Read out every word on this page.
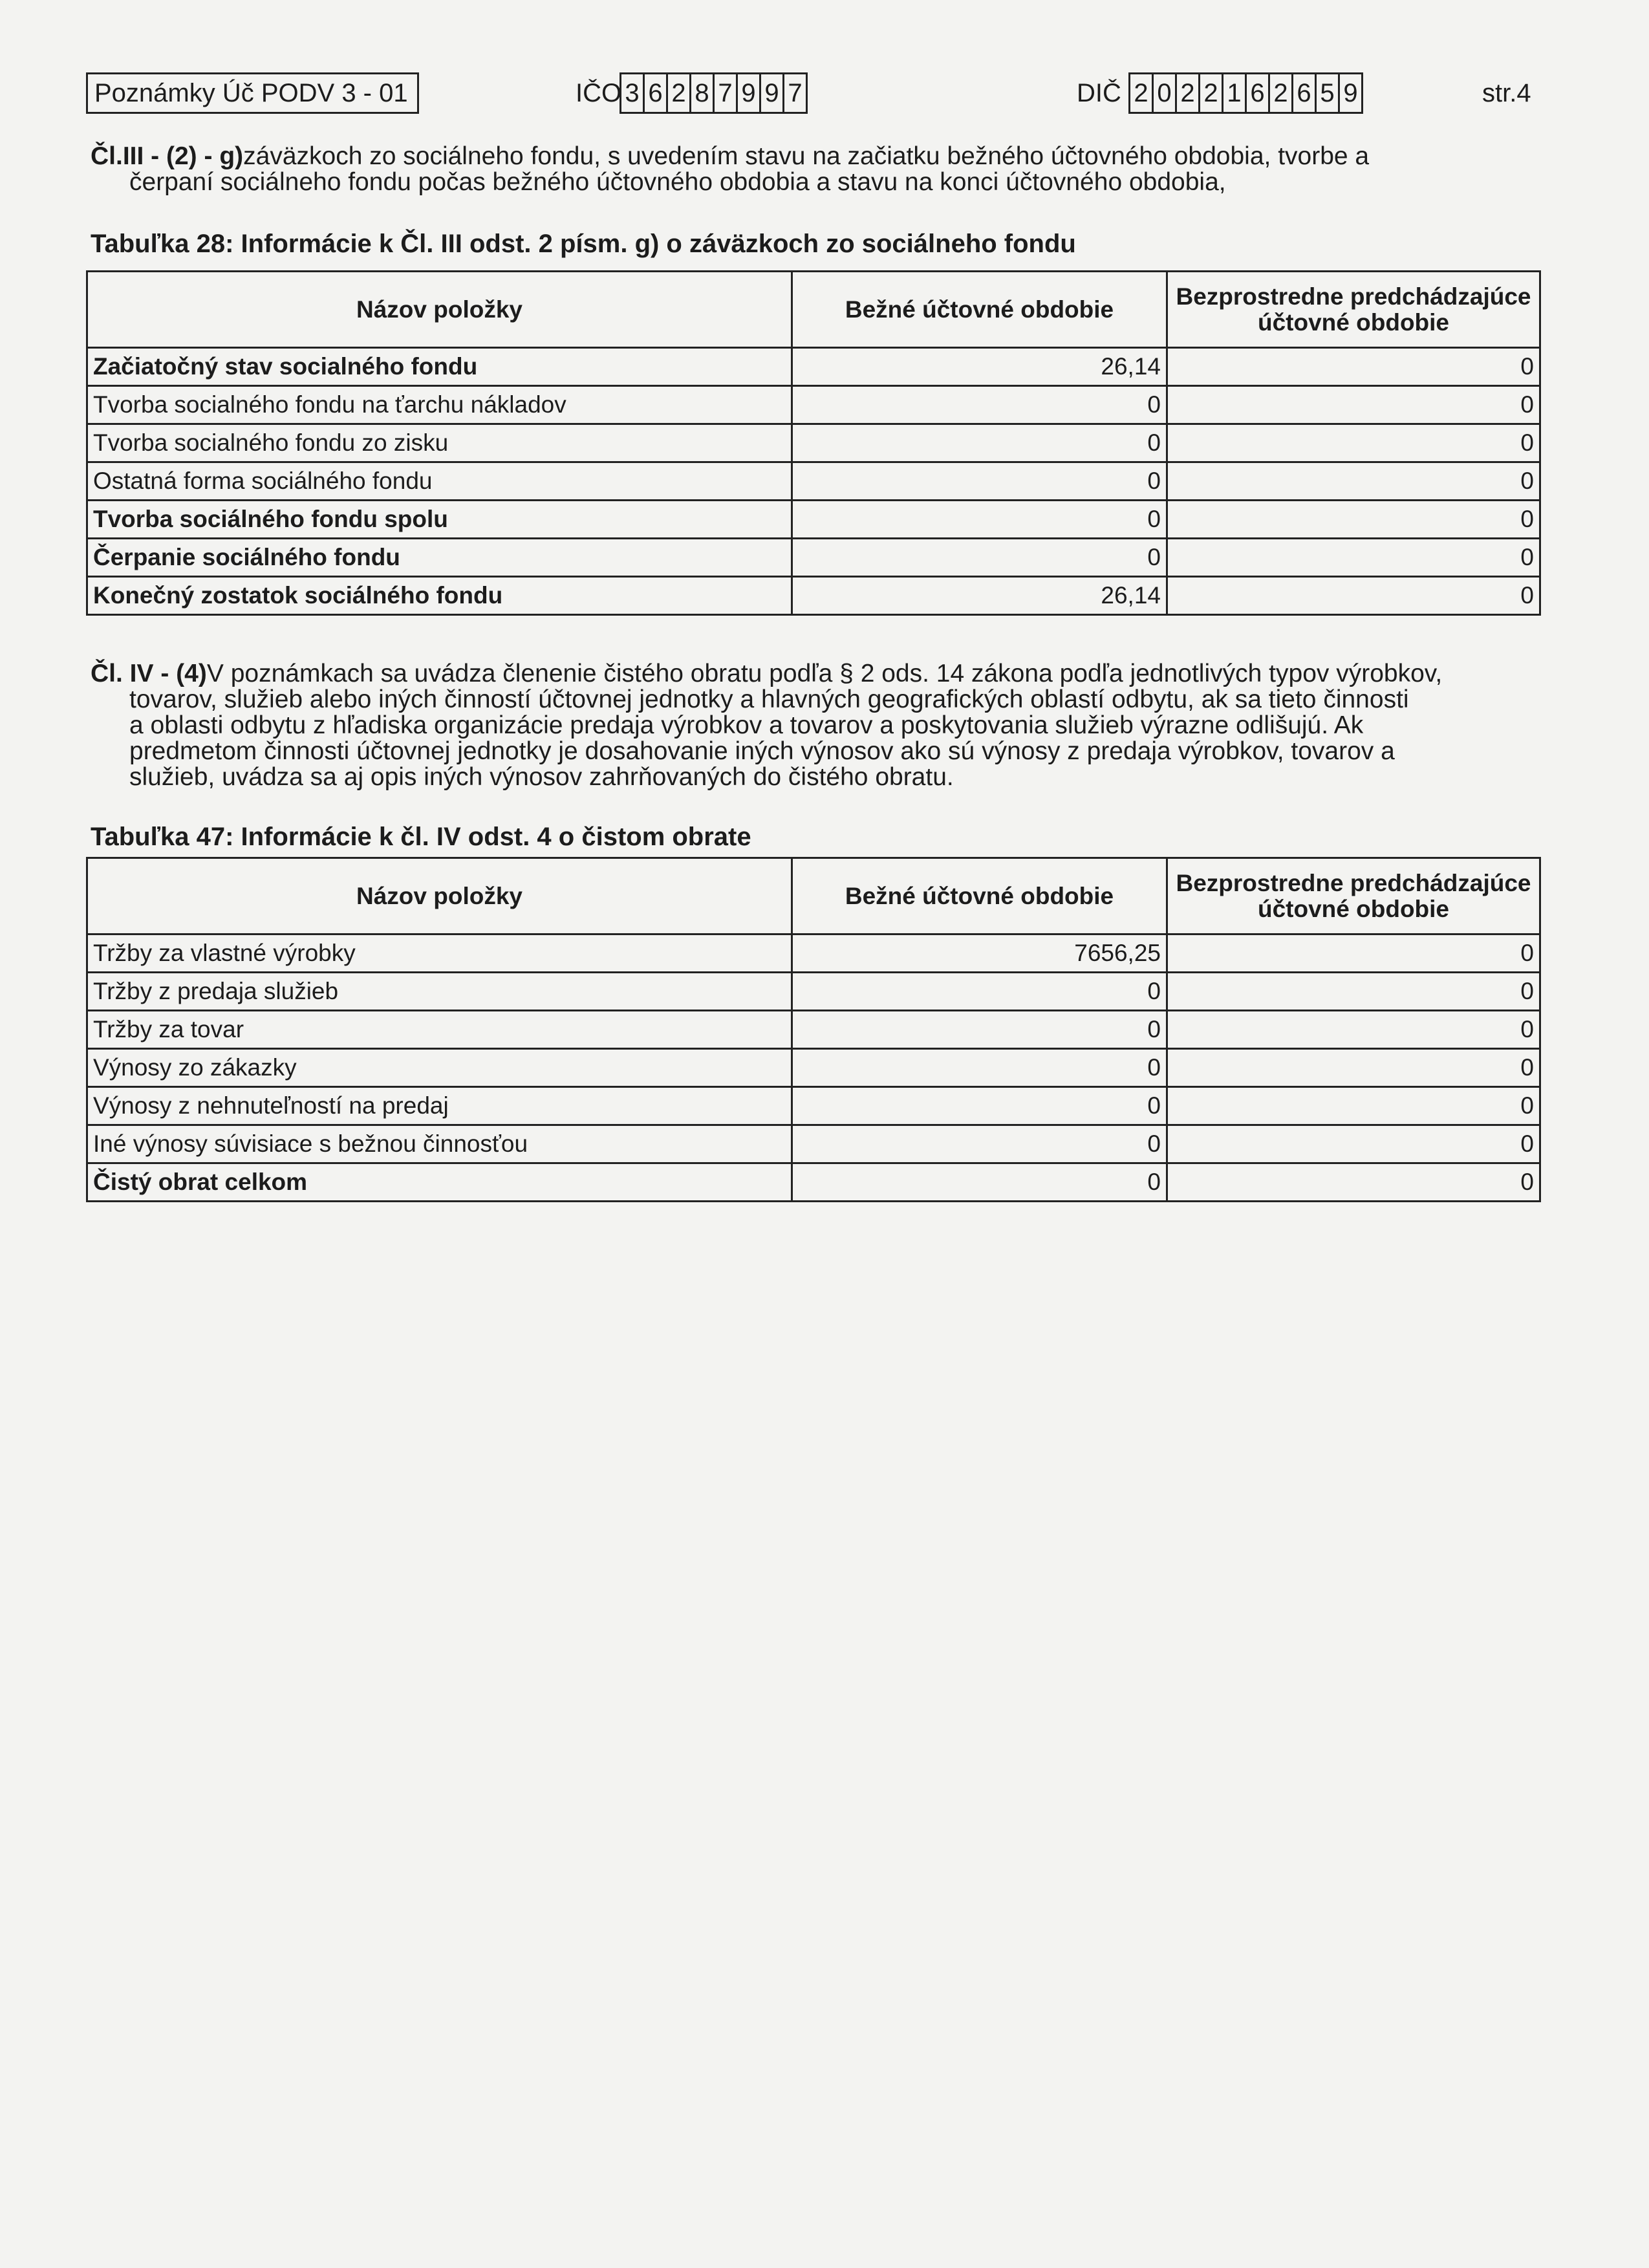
Poznámky Úč PODV 3 - 01	IČO 3 6 2 8 7 9 9 7	DIČ 2 0 2 2 1 6 2 6 5 9	str.4
Čl.III - (2) - g)záväzkoch zo sociálneho fondu, s uvedením stavu na začiatku bežného účtovného obdobia, tvorbe a
čerpaní sociálneho fondu počas bežného účtovného obdobia a stavu na konci účtovného obdobia,
Tabuľka 28: Informácie k Čl. III odst. 2 písm. g) o záväzkoch zo sociálneho fondu
Názov položky	Bežné účtovné obdobie	Bezprostredne predchádzajúce účtovné obdobie
Začiatočný stav socialného fondu	26,14	0
Tvorba socialného fondu na ťarchu nákladov	0	0
Tvorba socialného fondu zo zisku	0	0
Ostatná forma sociálného fondu	0	0
Tvorba sociálného fondu spolu	0	0
Čerpanie sociálného fondu	0	0
Konečný zostatok sociálného fondu	26,14	0
Čl. IV - (4)V poznámkach sa uvádza členenie čistého obratu podľa § 2 ods. 14 zákona podľa jednotlivých typov výrobkov,
tovarov, služieb alebo iných činností účtovnej jednotky a hlavných geografických oblastí odbytu, ak sa tieto činnosti
a oblasti odbytu z hľadiska organizácie predaja výrobkov a tovarov a poskytovania služieb výrazne odlišujú. Ak
predmetom činnosti účtovnej jednotky je dosahovanie iných výnosov ako sú výnosy z predaja výrobkov, tovarov a
služieb, uvádza sa aj opis iných výnosov zahrňovaných do čistého obratu.
Tabuľka 47: Informácie k čl. IV odst. 4 o čistom obrate
Názov položky	Bežné účtovné obdobie	Bezprostredne predchádzajúce účtovné obdobie
Tržby za vlastné výrobky	7656,25	0
Tržby z predaja služieb	0	0
Tržby za tovar	0	0
Výnosy zo zákazky	0	0
Výnosy z nehnuteľností na predaj	0	0
Iné výnosy súvisiace s bežnou činnosťou	0	0
Čistý obrat celkom	0	0
